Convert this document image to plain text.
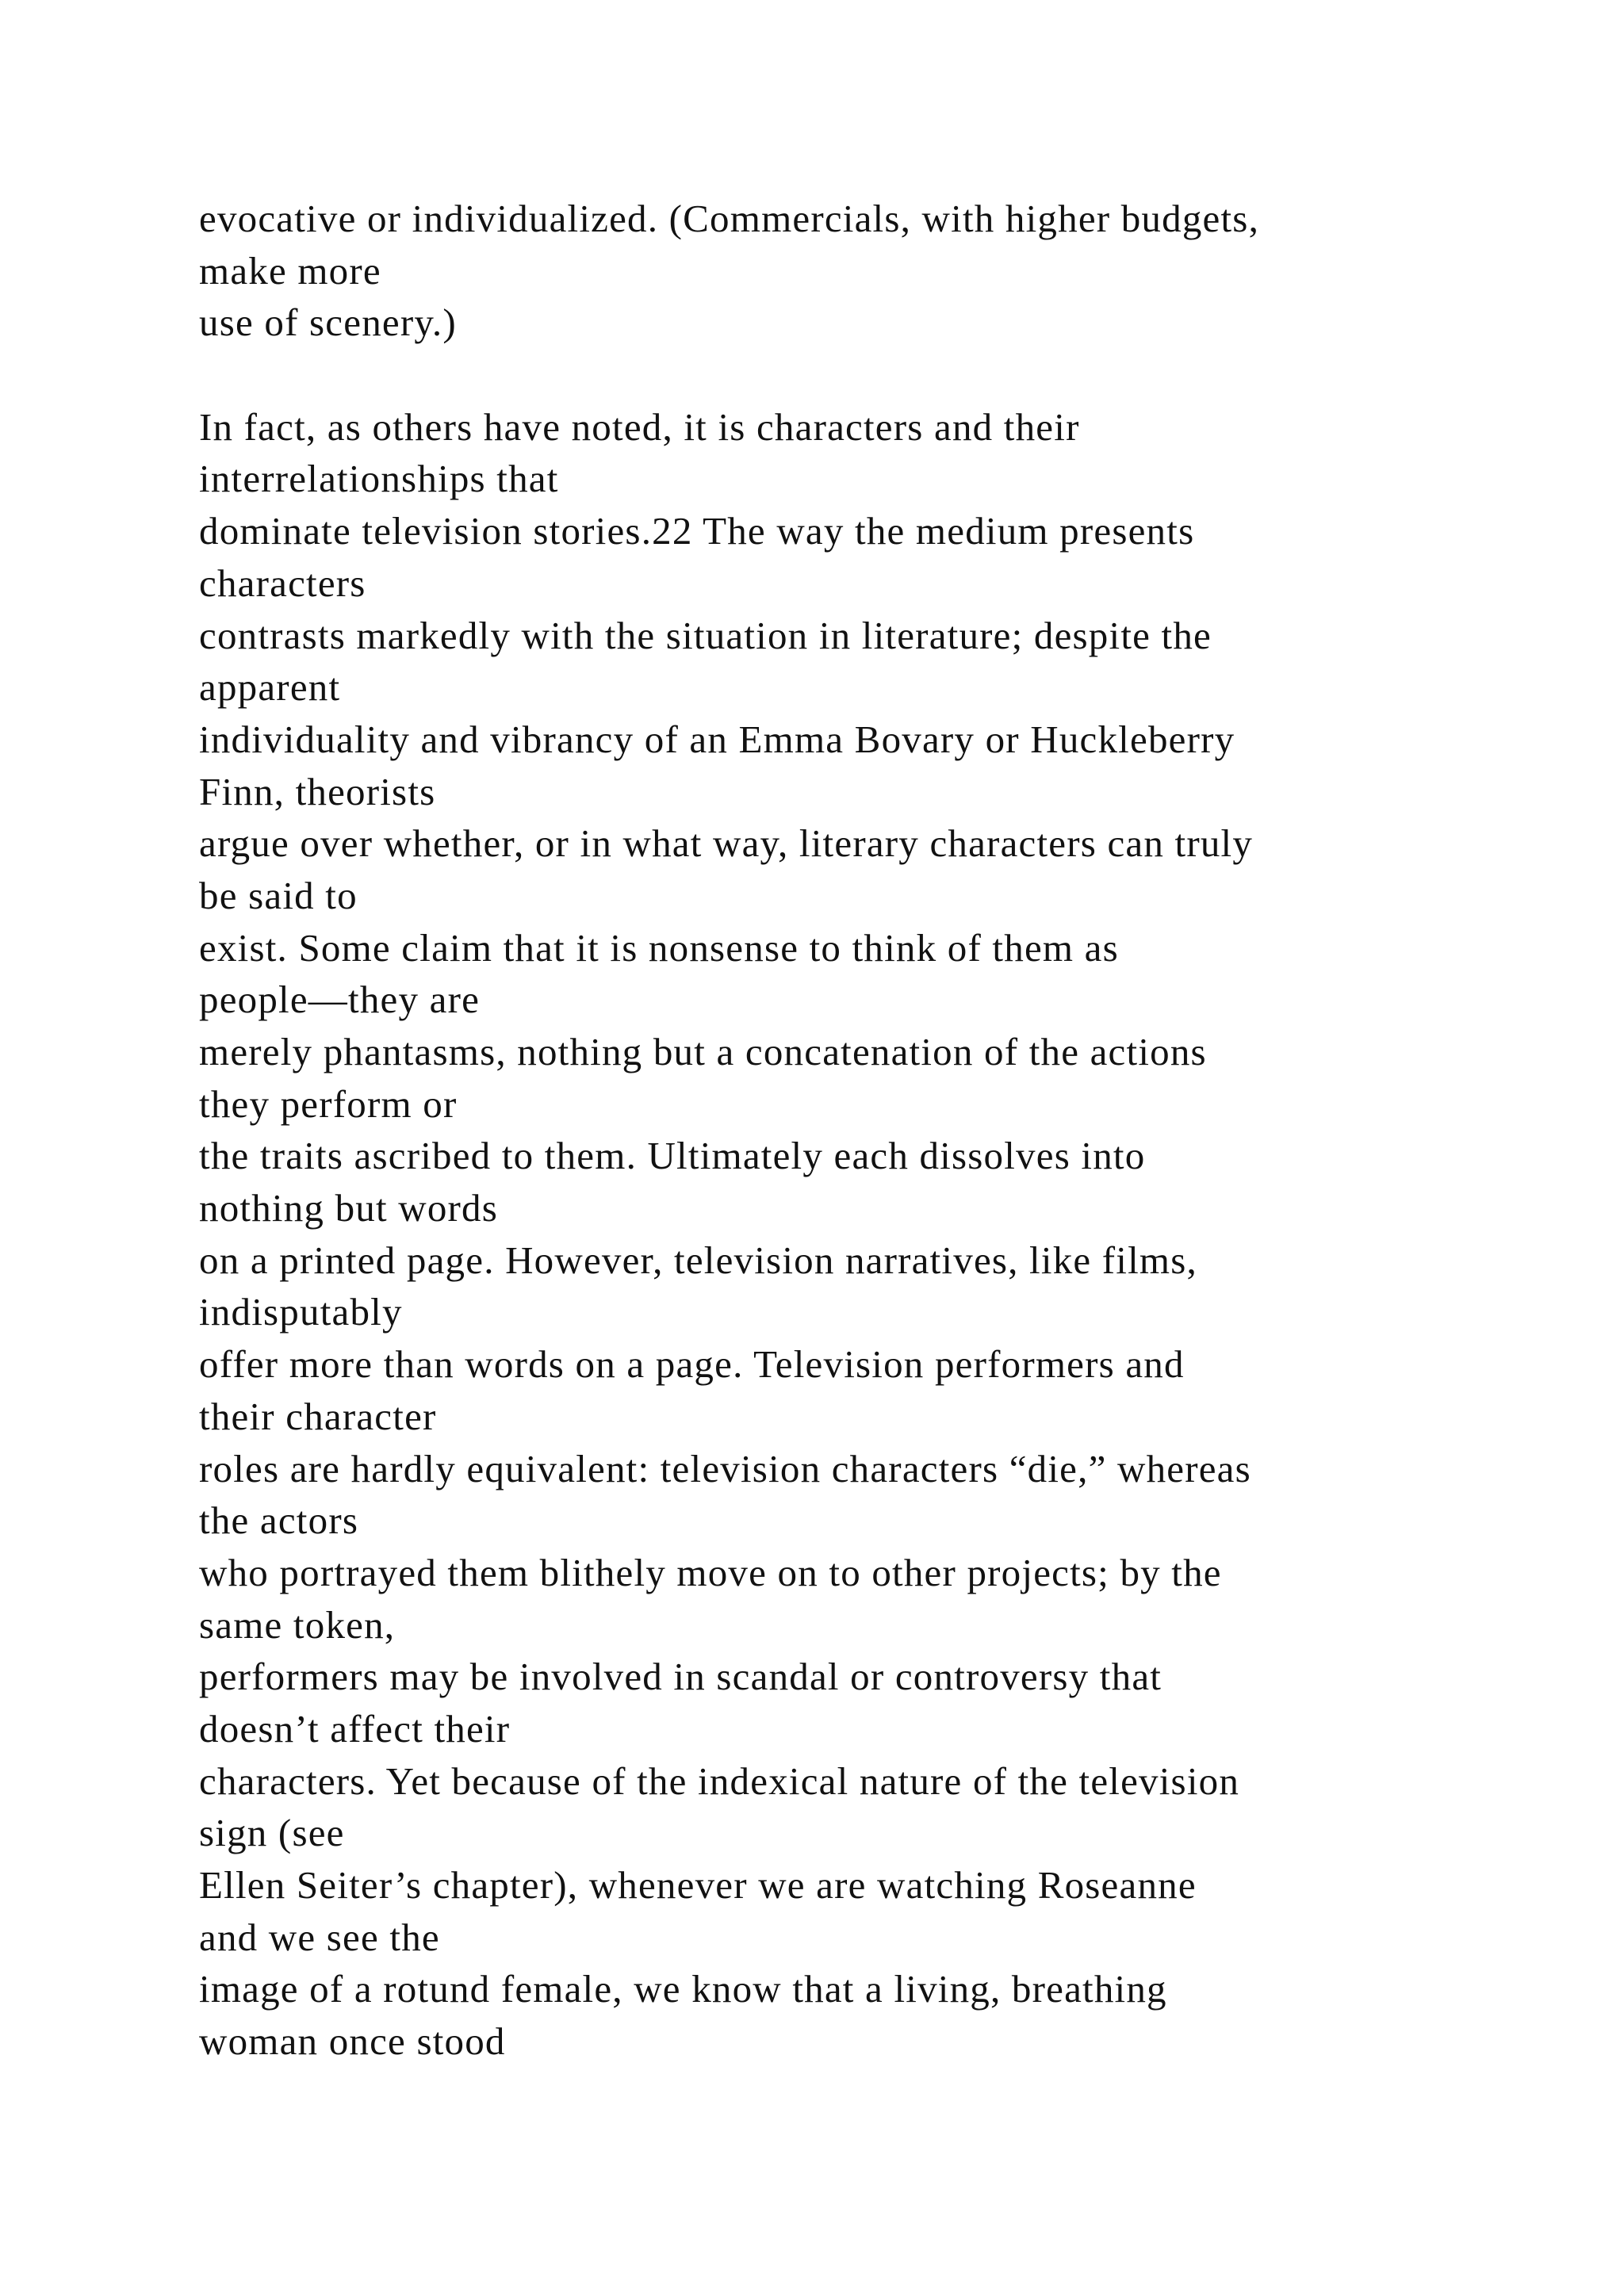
evocative or individualized. (Commercials, with higher budgets,
make more
use of scenery.)
In fact, as others have noted, it is characters and their
interrelationships that
dominate television stories.22 The way the medium presents
characters
contrasts markedly with the situation in literature; despite the
apparent
individuality and vibrancy of an Emma Bovary or Huckleberry
Finn, theorists
argue over whether, or in what way, literary characters can truly
be said to
exist. Some claim that it is nonsense to think of them as
people—they are
merely phantasms, nothing but a concatenation of the actions
they perform or
the traits ascribed to them. Ultimately each dissolves into
nothing but words
on a printed page. However, television narratives, like films,
indisputably
offer more than words on a page. Television performers and
their character
roles are hardly equivalent: television characters “die,” whereas
the actors
who portrayed them blithely move on to other projects; by the
same token,
performers may be involved in scandal or controversy that
doesn’t affect their
characters. Yet because of the indexical nature of the television
sign (see
Ellen Seiter’s chapter), whenever we are watching Roseanne
and we see the
image of a rotund female, we know that a living, breathing
woman once stood
